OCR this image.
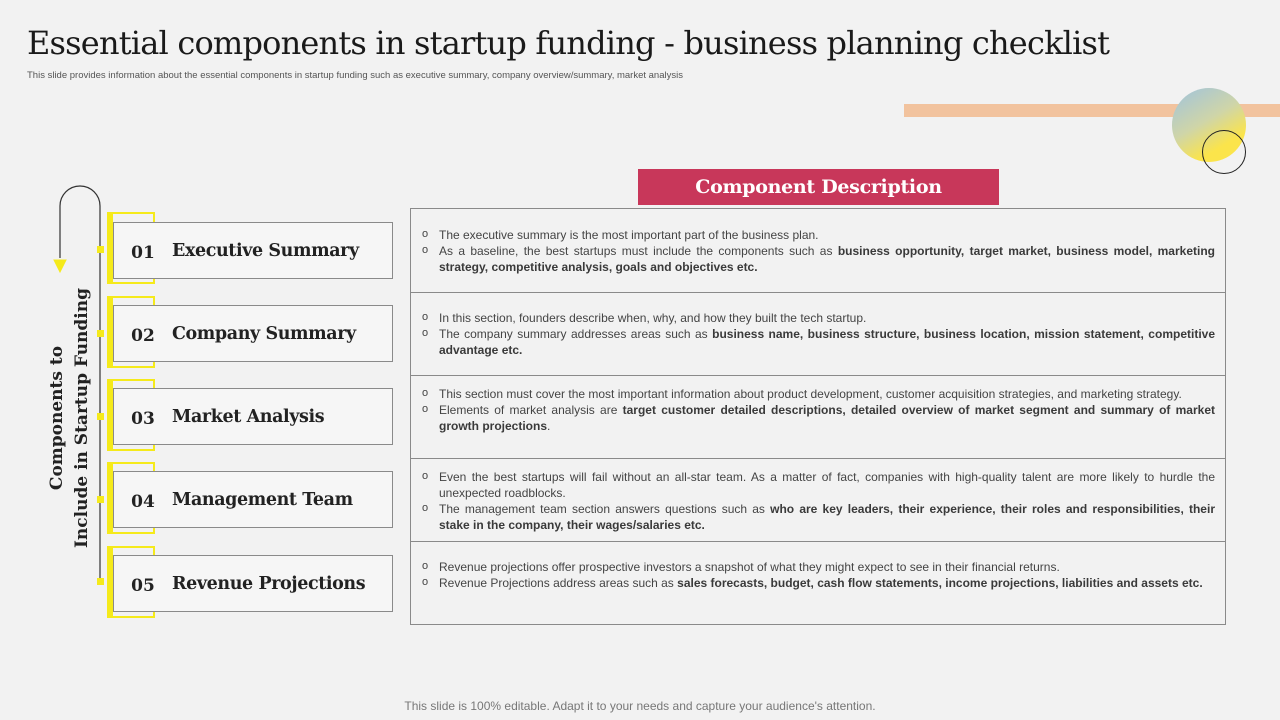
Essential components in startup funding - business planning checklist
This slide provides information about the essential components in startup funding such as executive summary, company overview/summary, market analysis
Components to Include in Startup Funding
01 Executive Summary
02 Company Summary
03 Market Analysis
04 Management Team
05 Revenue Projections
Component Description
o The executive summary is the most important part of the business plan.
o As a baseline, the best startups must include the components such as business opportunity, target market, business model, marketing strategy, competitive analysis, goals and objectives etc.
o In this section, founders describe when, why, and how they built the tech startup.
o The company summary addresses areas such as business name, business structure, business location, mission statement, competitive advantage etc.
o This section must cover the most important information about product development, customer acquisition strategies, and marketing strategy.
o Elements of market analysis are target customer detailed descriptions, detailed overview of market segment and summary of market growth projections.
o Even the best startups will fail without an all-star team. As a matter of fact, companies with high-quality talent are more likely to hurdle the unexpected roadblocks.
o The management team section answers questions such as who are key leaders, their experience, their roles and responsibilities, their stake in the company, their wages/salaries etc.
o Revenue projections offer prospective investors a snapshot of what they might expect to see in their financial returns.
o Revenue Projections address areas such as sales forecasts, budget, cash flow statements, income projections, liabilities and assets etc.
This slide is 100% editable. Adapt it to your needs and capture your audience's attention.
